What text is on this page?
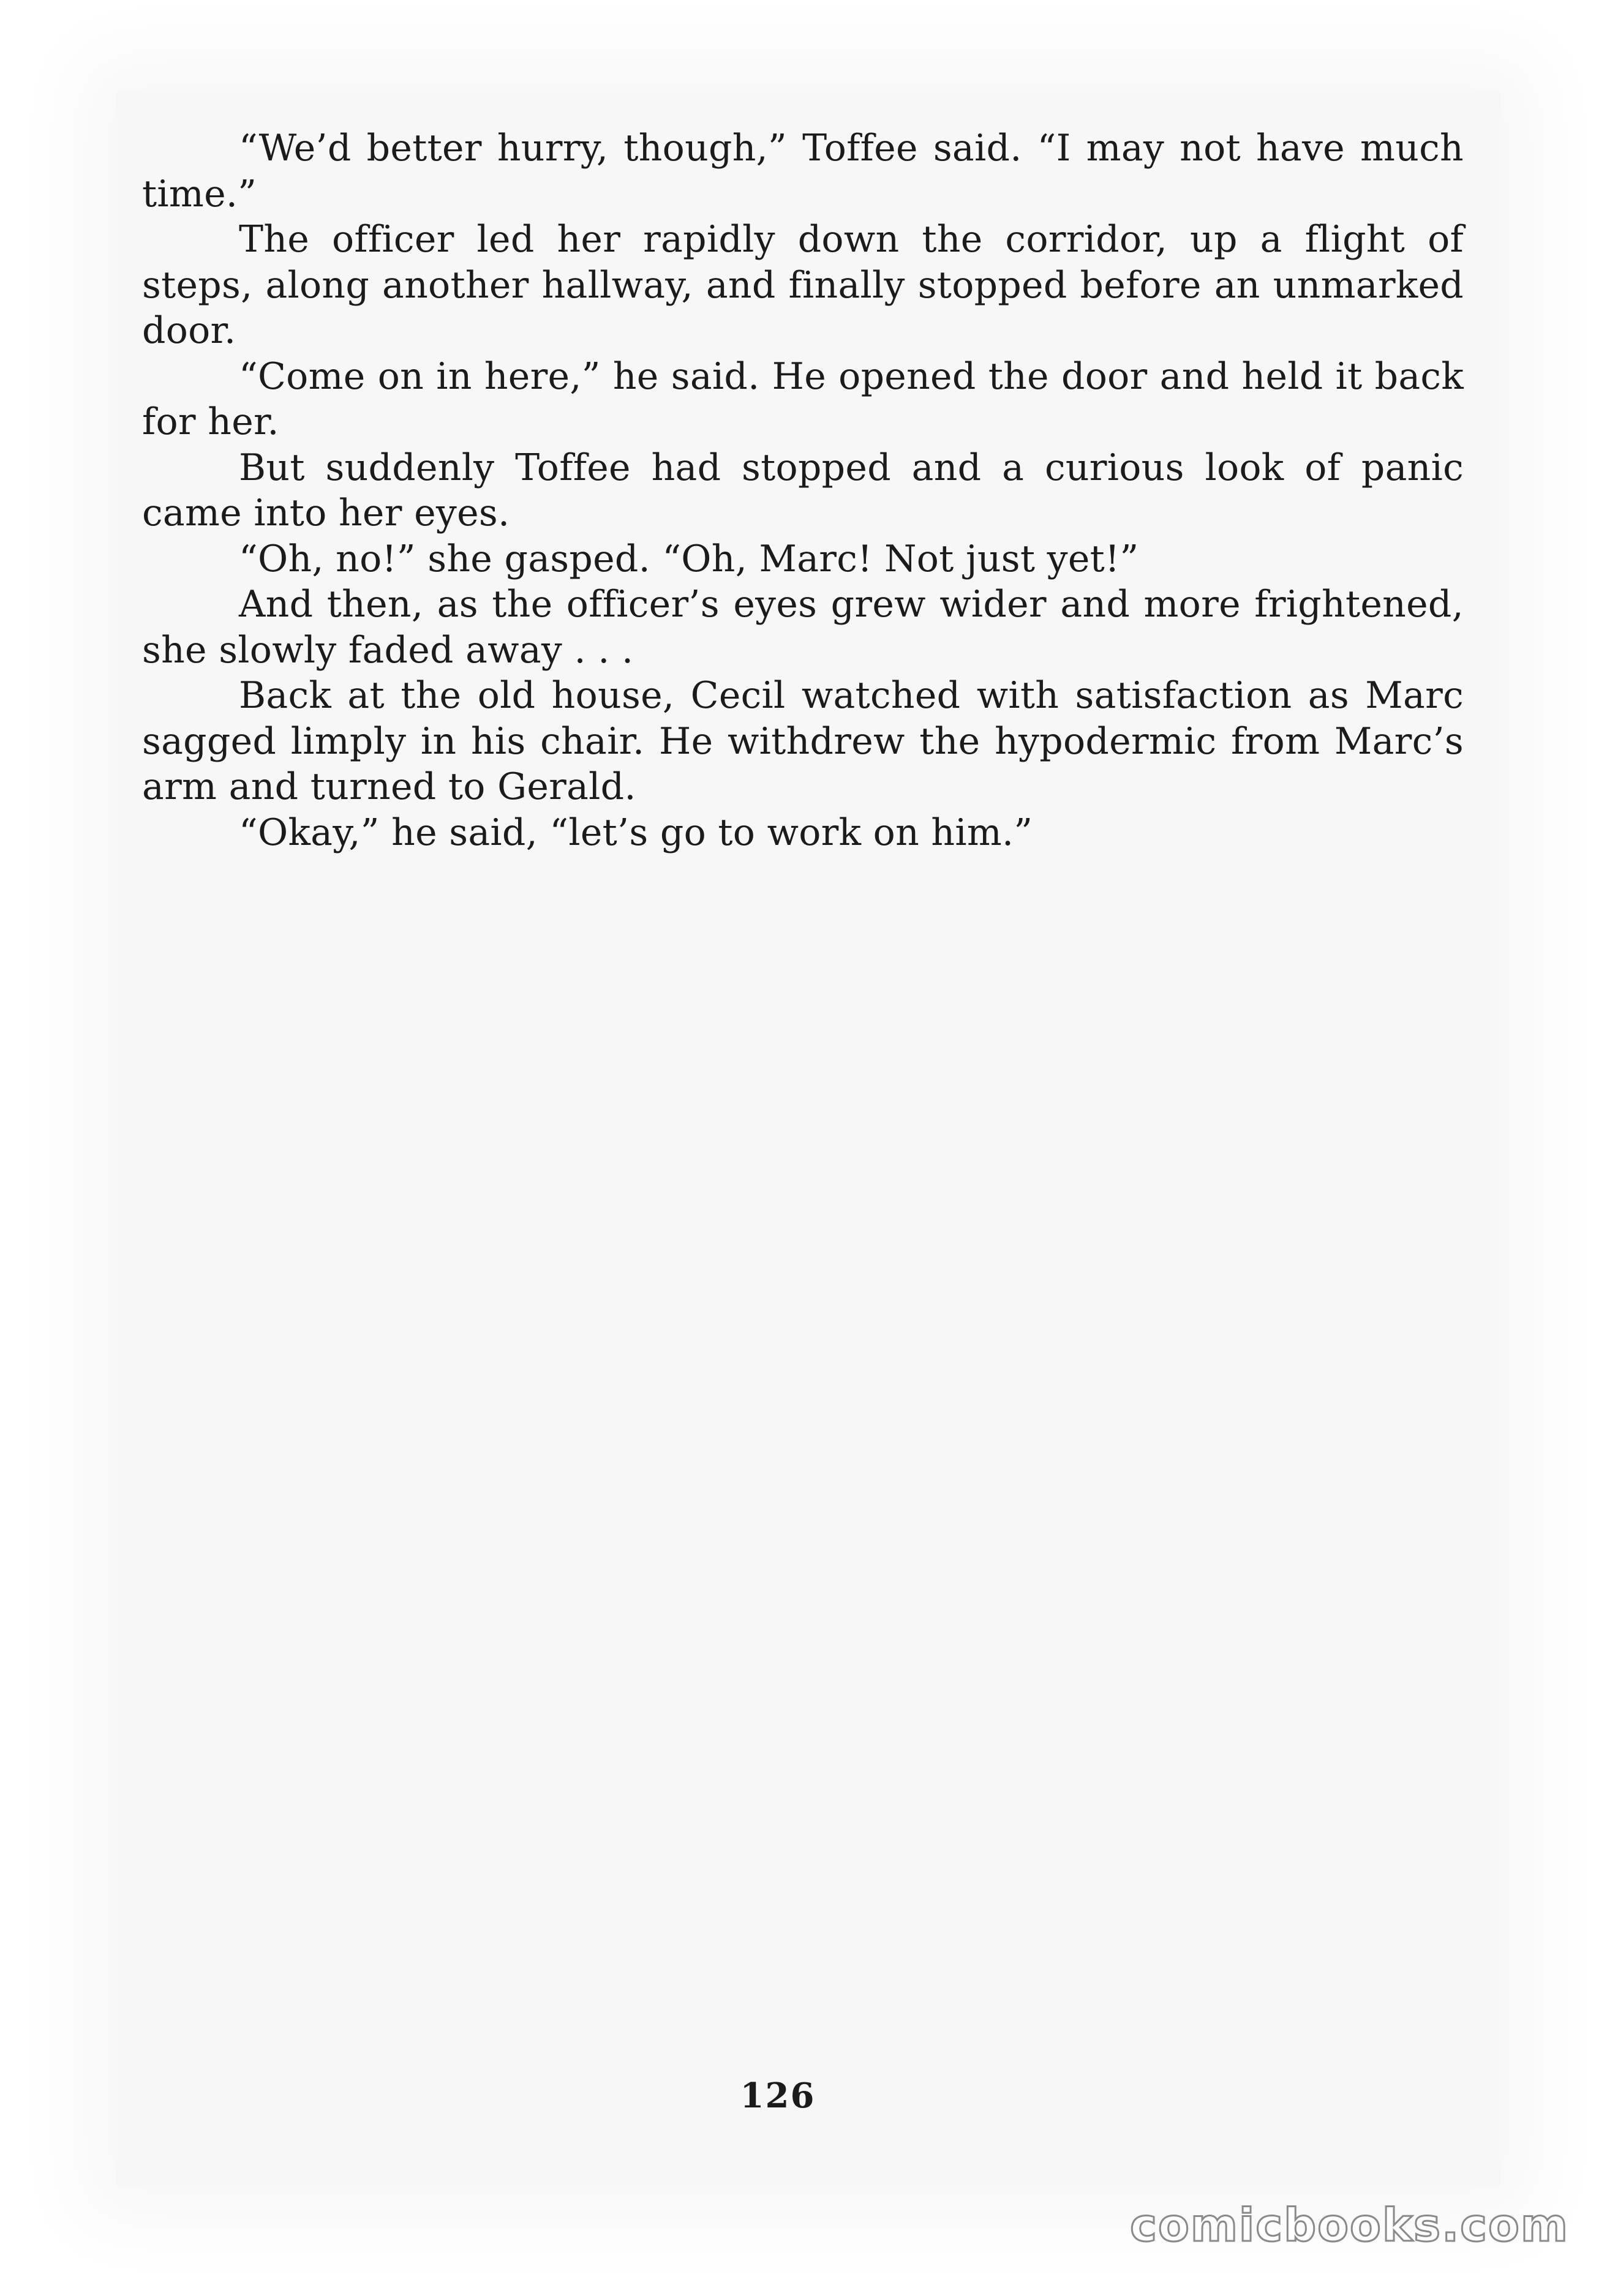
“We’d better hurry, though,” Toffee said. “I may not have much time.”

The officer led her rapidly down the corridor, up a flight of steps, along another hallway, and finally stopped before an unmarked door.

“Come on in here,” he said. He opened the door and held it back for her.

But suddenly Toffee had stopped and a curious look of panic came into her eyes.

“Oh, no!” she gasped. “Oh, Marc! Not just yet!”

And then, as the officer’s eyes grew wider and more frightened, she slowly faded away . . .

Back at the old house, Cecil watched with satisfaction as Marc sagged limply in his chair. He withdrew the hypodermic from Marc’s arm and turned to Gerald.

“Okay,” he said, “let’s go to work on him.”

126
comicbooks.com
